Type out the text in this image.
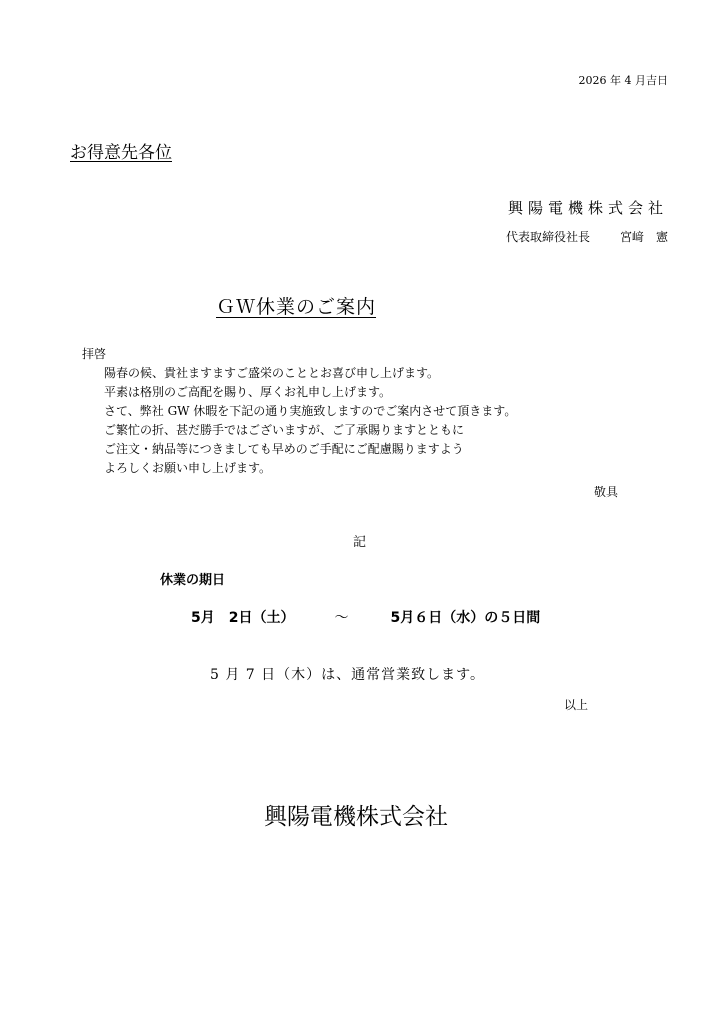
2026 年 4 月吉日
お得意先各位
興陽電機株式会社
代表取締役社長	宮﨑　憲
ＧＷ休業のご案内
拝啓
陽春の候、貴社ますますご盛栄のこととお喜び申し上げます。
平素は格別のご高配を賜り、厚くお礼申し上げます。
さて、弊社 GW 休暇を下記の通り実施致しますのでご案内させて頂きます。
ご繁忙の折、甚だ勝手ではございますが、ご了承賜りますとともに
ご注文・納品等につきましても早めのご手配にご配慮賜りますよう
よろしくお願い申し上げます。
敬具
記
休業の期日
5月　2日（土）	～	5月６日（水）の５日間
5 月 7 日（木）は、通常営業致します。
以上
興陽電機株式会社
